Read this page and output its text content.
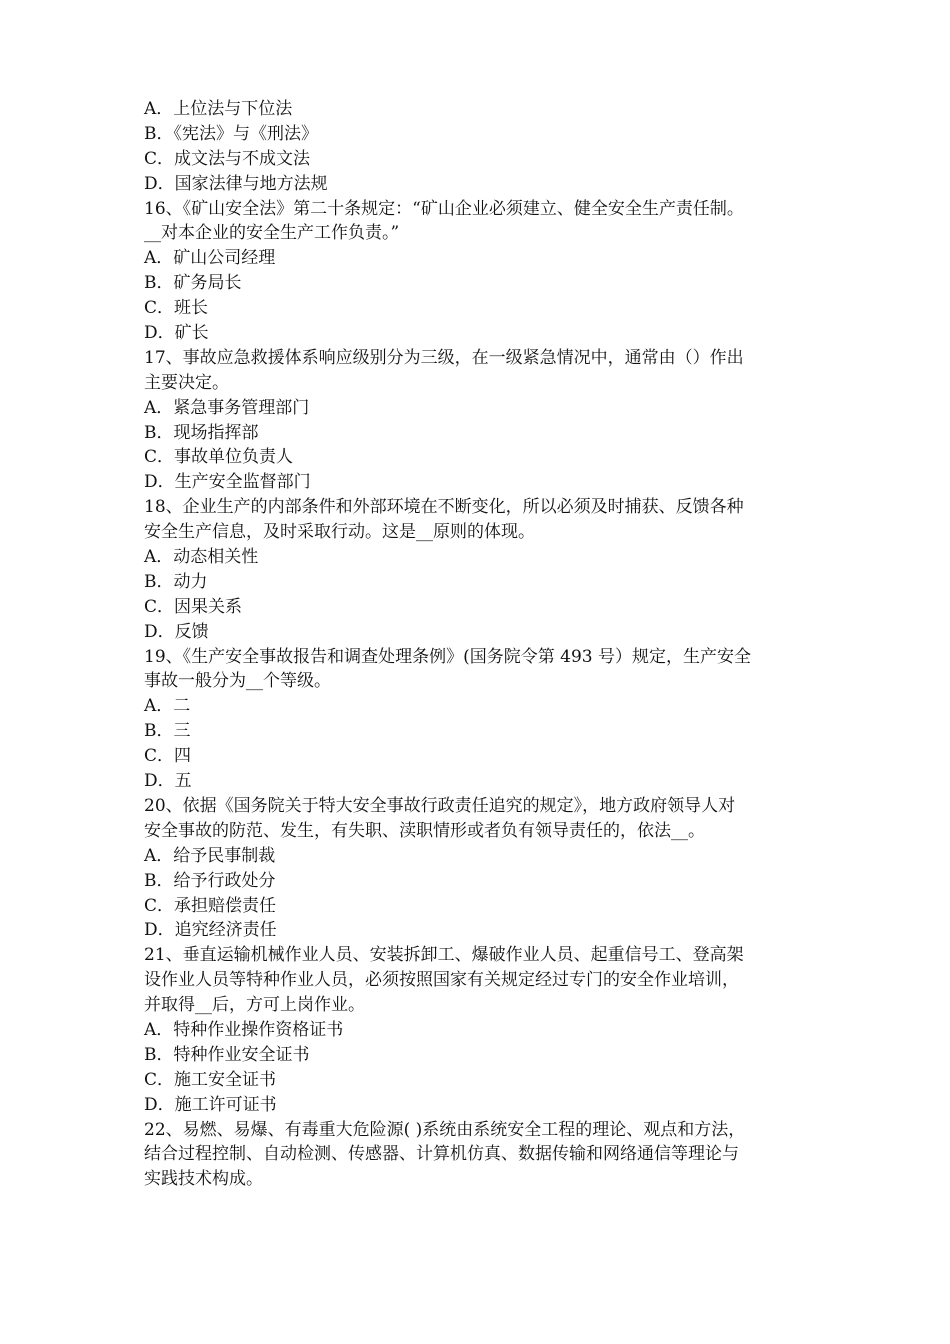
A．上位法与下位法
B．《宪法》与《刑法》
C．成文法与不成文法
D．国家法律与地方法规
16、《矿山安全法》第二十条规定：“矿山企业必须建立、健全安全生产责任制。
__对本企业的安全生产工作负责。”
A．矿山公司经理
B．矿务局长
C．班长
D．矿长
17、事故应急救援体系响应级别分为三级，在一级紧急情况中，通常由（）作出
主要决定。
A．紧急事务管理部门
B．现场指挥部
C．事故单位负责人
D．生产安全监督部门
18、企业生产的内部条件和外部环境在不断变化，所以必须及时捕获、反馈各种
安全生产信息，及时采取行动。这是__原则的体现。
A．动态相关性
B．动力
C．因果关系
D．反馈
19、《生产安全事故报告和调查处理条例》(国务院令第 493 号）规定，生产安全
事故一般分为__个等级。
A．二
B．三
C．四
D．五
20、依据《国务院关于特大安全事故行政责任追究的规定》，地方政府领导人对
安全事故的防范、发生，有失职、渎职情形或者负有领导责任的，依法__。
A．给予民事制裁
B．给予行政处分
C．承担赔偿责任
D．追究经济责任
21、垂直运输机械作业人员、安装拆卸工、爆破作业人员、起重信号工、登高架
设作业人员等特种作业人员，必须按照国家有关规定经过专门的安全作业培训，
并取得__后，方可上岗作业。
A．特种作业操作资格证书
B．特种作业安全证书
C．施工安全证书
D．施工许可证书
22、易燃、易爆、有毒重大危险源( )系统由系统安全工程的理论、观点和方法，
结合过程控制、自动检测、传感器、计算机仿真、数据传输和网络通信等理论与
实践技术构成。
